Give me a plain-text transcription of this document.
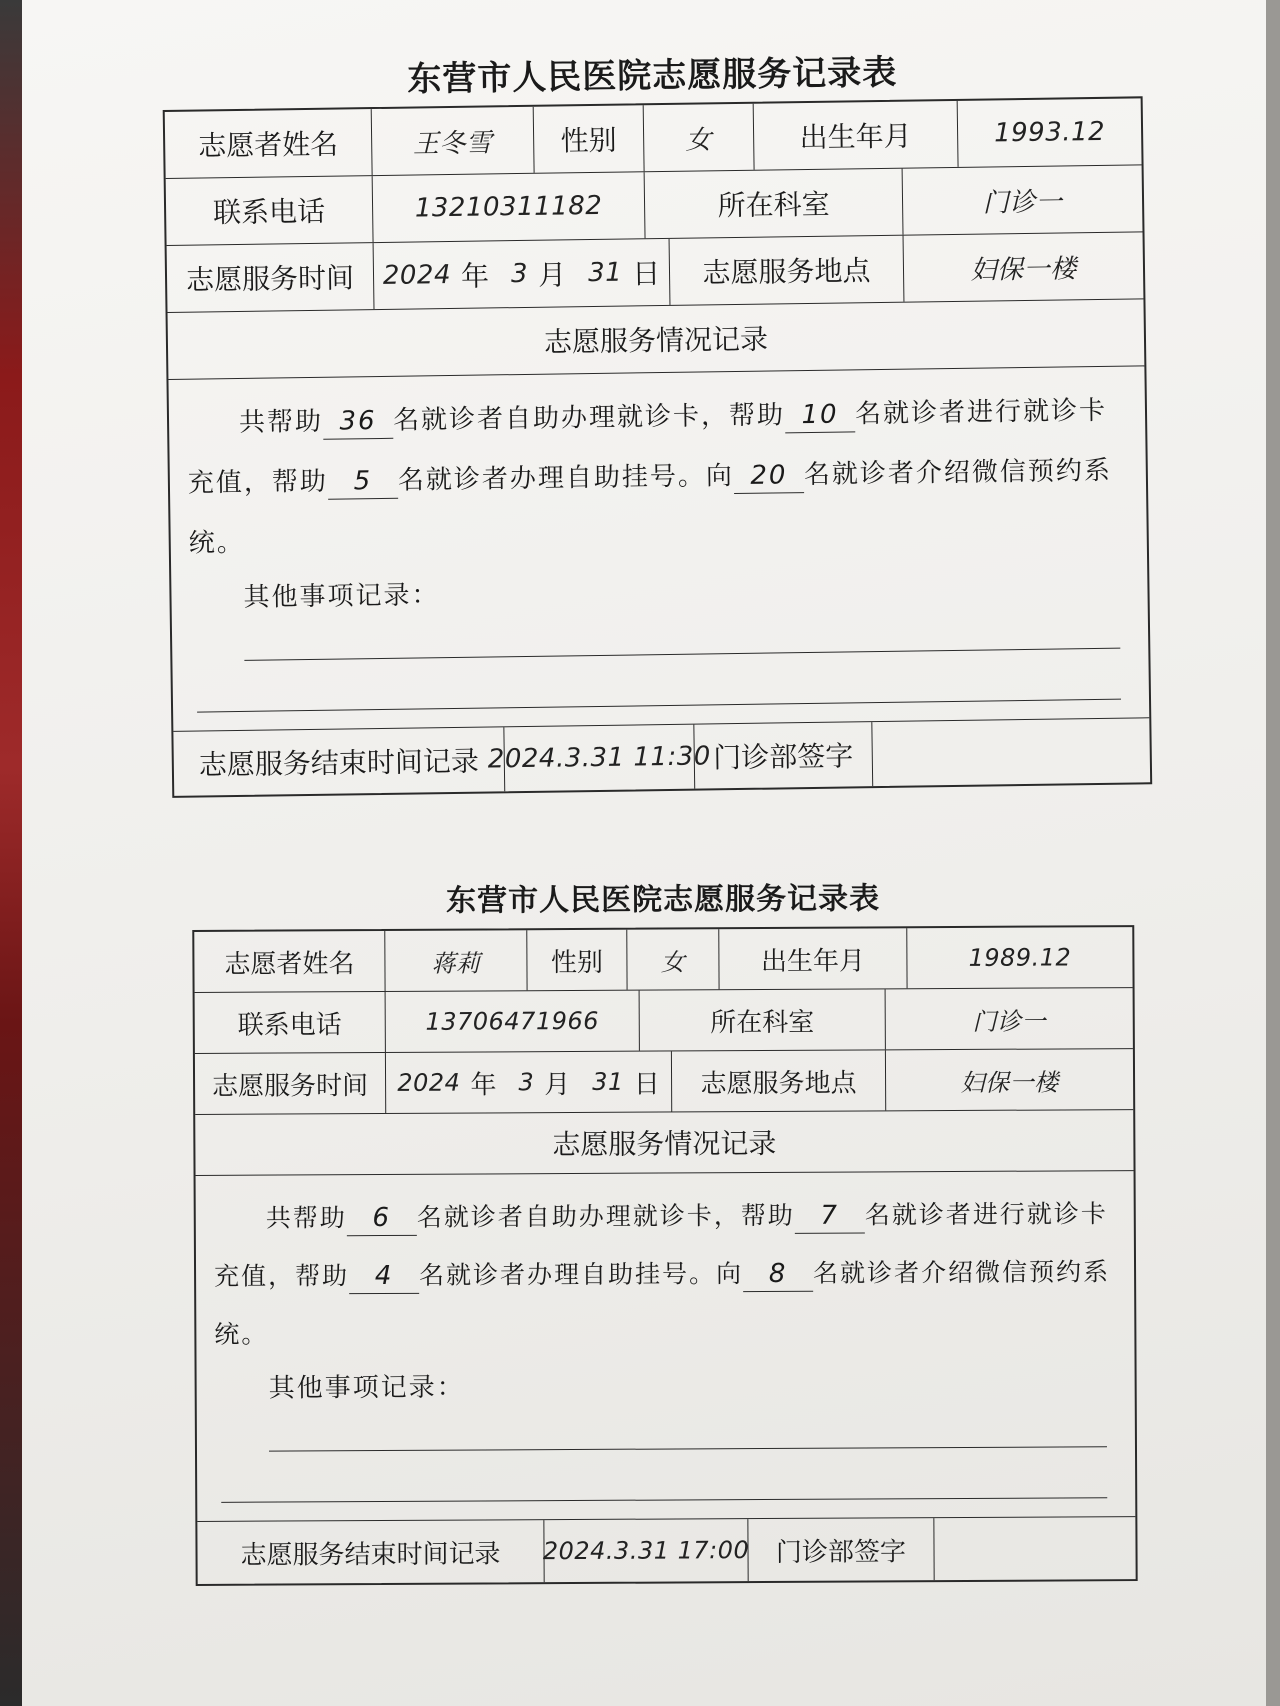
东营市人民医院志愿服务记录表
志愿者姓名	王冬雪	性别	女	出生年月	1993.12
联系电话	13210311182	所在科室	门诊一
志愿服务时间	2024 年 3 月 31 日	志愿服务地点	妇保一楼
志愿服务情况记录
共帮助 36 名就诊者自助办理就诊卡，帮助 10 名就诊者进行就诊卡充值，帮助 5 名就诊者办理自助挂号。向 20 名就诊者介绍微信预约系统。
其他事项记录：
志愿服务结束时间记录 2024.3.31 11:30 门诊部签字
东营市人民医院志愿服务记录表
志愿者姓名	蒋莉	性别	女	出生年月	1989.12
联系电话	13706471966	所在科室	门诊一
志愿服务时间	2024 年 3 月 31 日	志愿服务地点	妇保一楼
志愿服务情况记录
共帮助 6 名就诊者自助办理就诊卡，帮助 7 名就诊者进行就诊卡充值，帮助 4 名就诊者办理自助挂号。向 8 名就诊者介绍微信预约系统。
其他事项记录：
志愿服务结束时间记录	2024.3.31 17:00	门诊部签字
